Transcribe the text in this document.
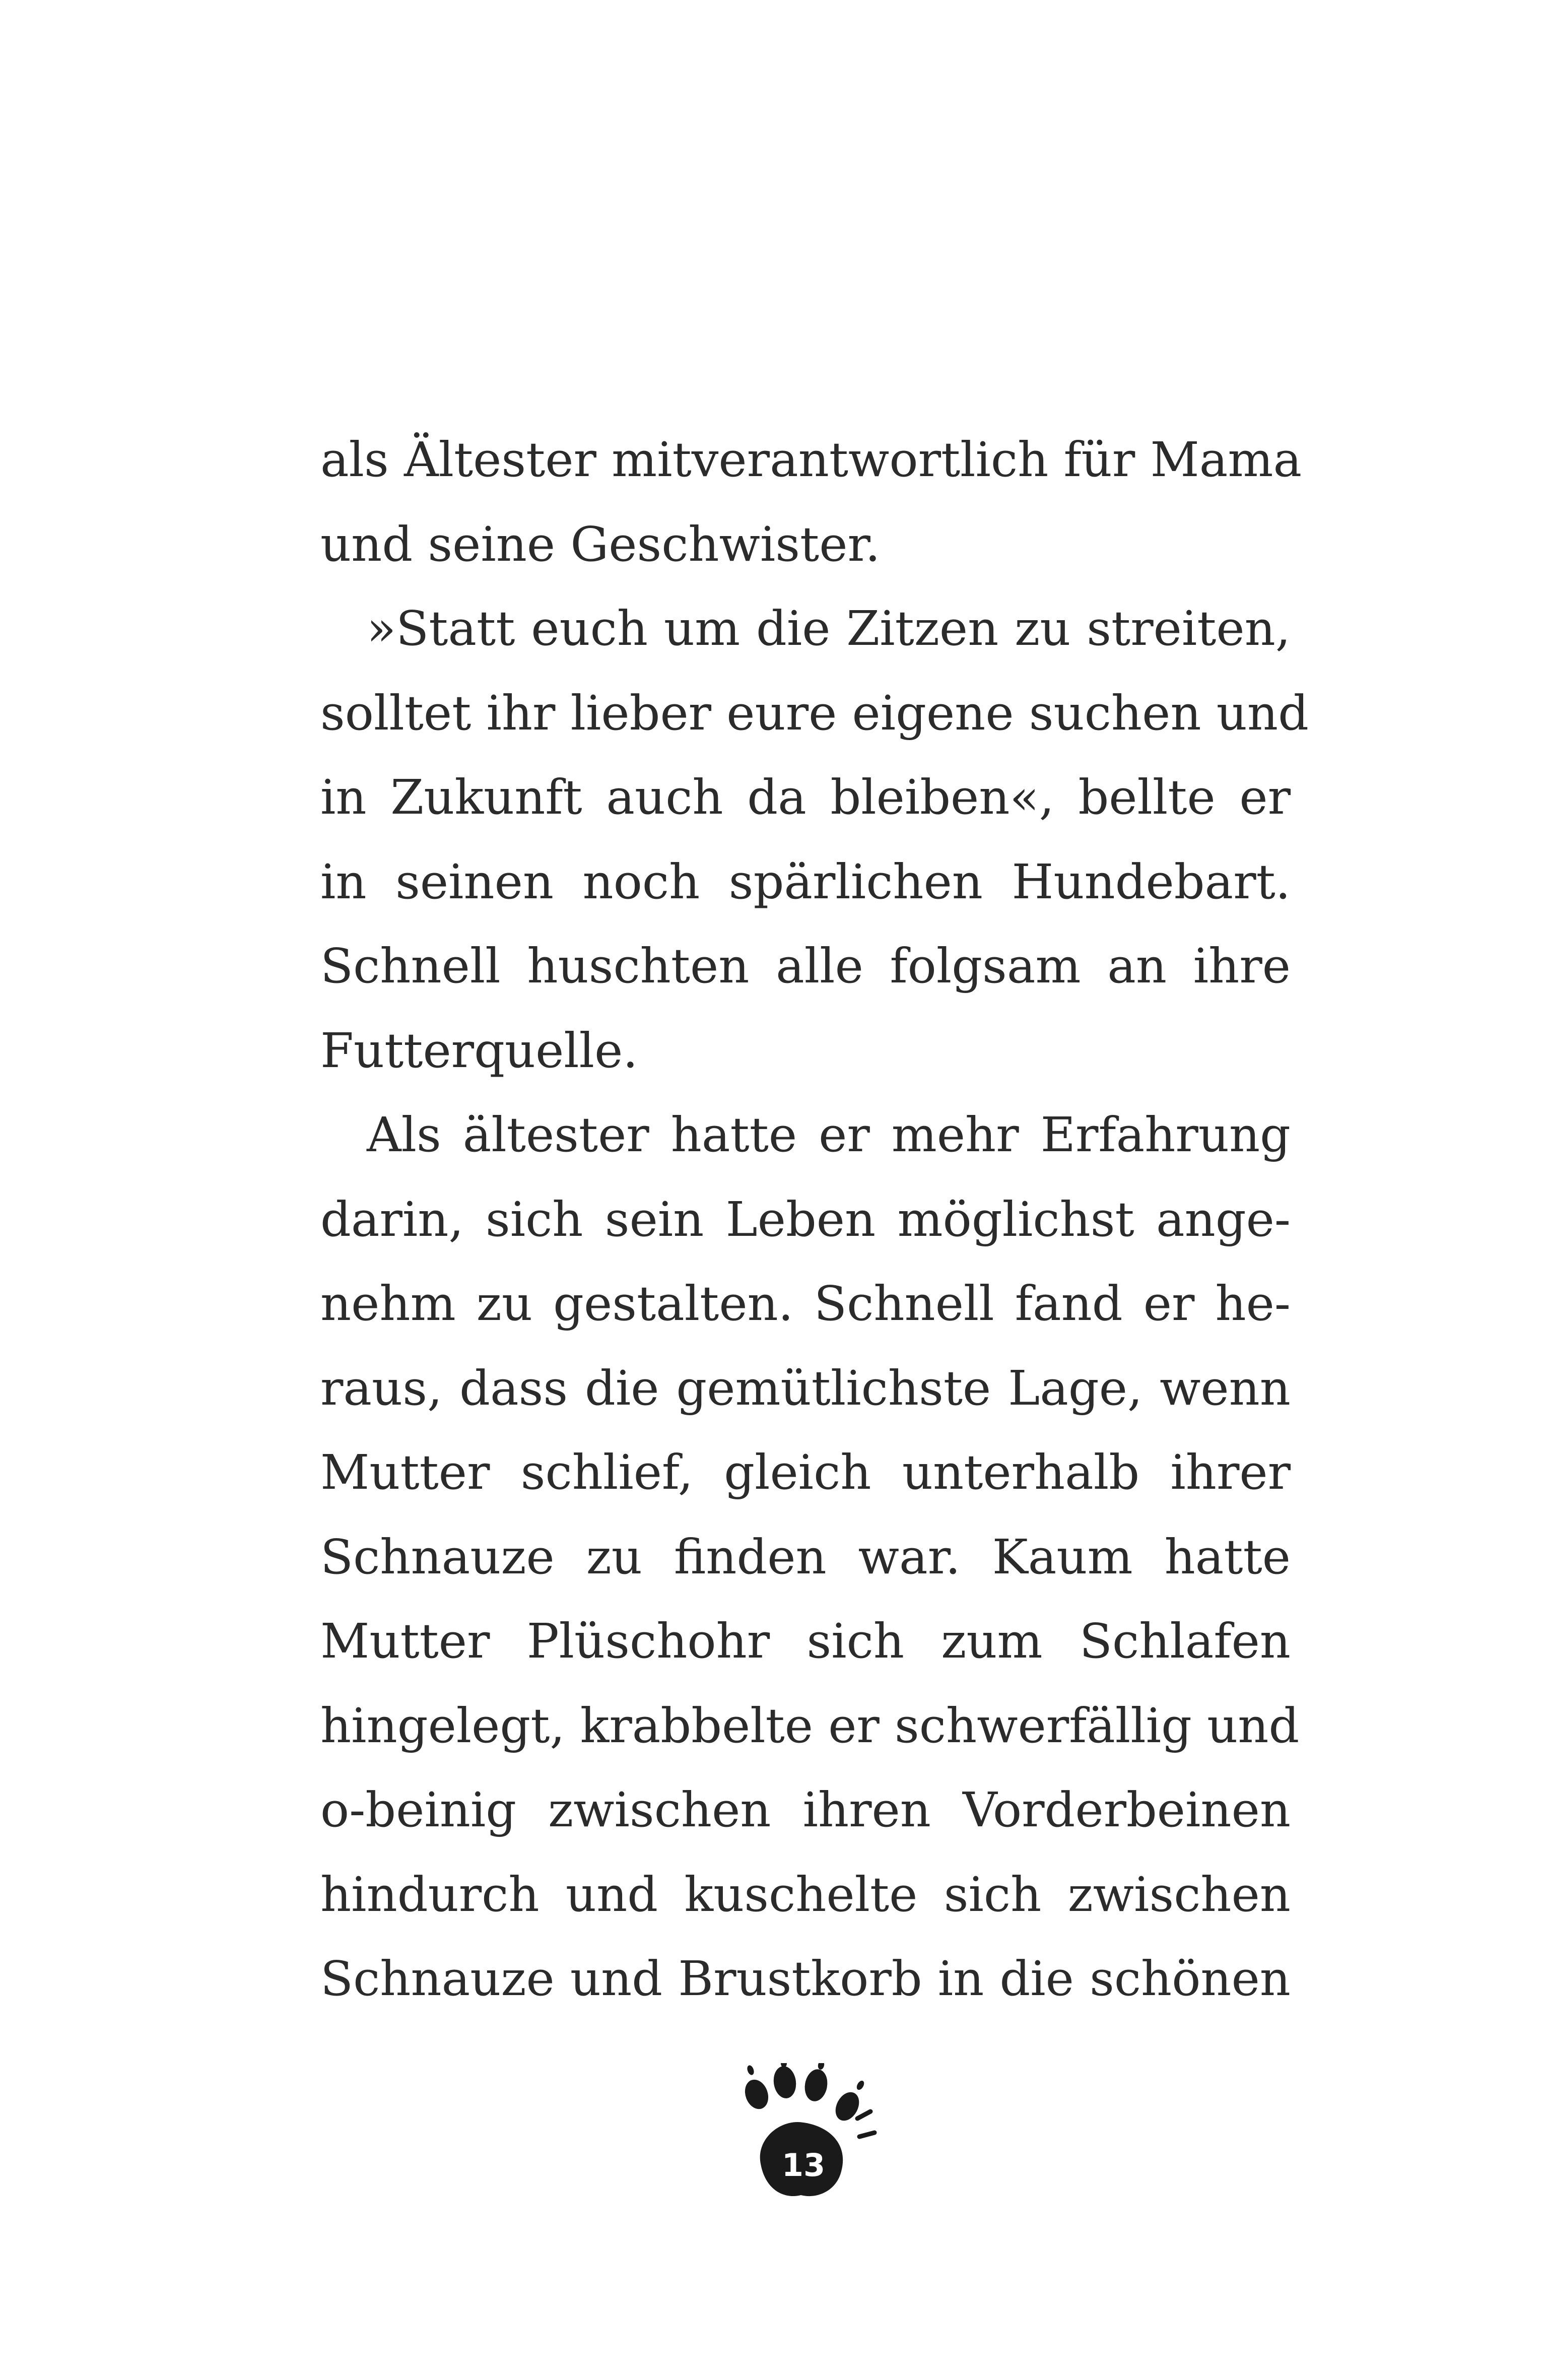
als Ältester mitverantwortlich für Mama
und seine Geschwister.
»Statt euch um die Zitzen zu streiten,
solltet ihr lieber eure eigene suchen und
in Zukunft auch da bleiben«, bellte er
in seinen noch spärlichen Hundebart.
Schnell huschten alle folgsam an ihre
Futterquelle.
Als ältester hatte er mehr Erfahrung
darin, sich sein Leben möglichst ange-
nehm zu gestalten. Schnell fand er he-
raus, dass die gemütlichste Lage, wenn
Mutter schlief, gleich unterhalb ihrer
Schnauze zu finden war. Kaum hatte
Mutter Plüschohr sich zum Schlafen
hingelegt, krabbelte er schwerfällig und
o-beinig zwischen ihren Vorderbeinen
hindurch und kuschelte sich zwischen
Schnauze und Brustkorb in die schönen
13
